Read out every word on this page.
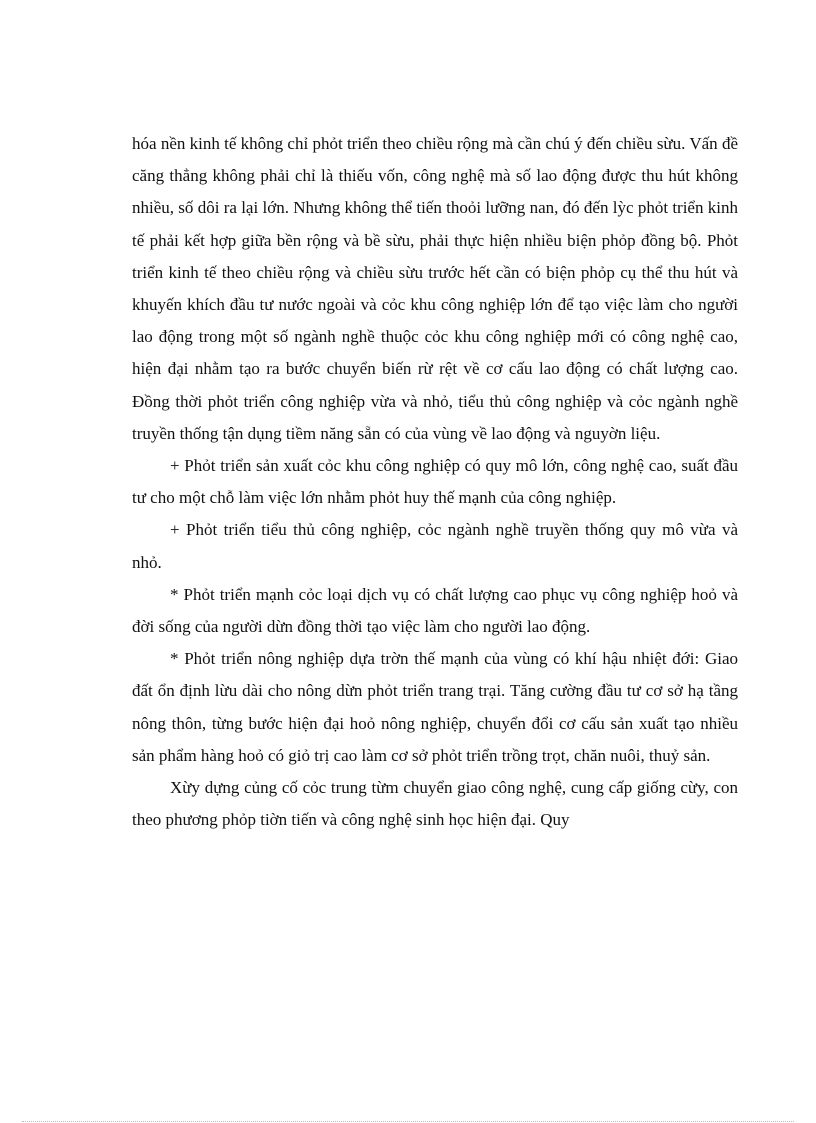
hóa nền kinh tế không chỉ phỏt triển theo chiều rộng mà cần chú ý đến chiều sừu. Vấn đề căng thẳng không phải chỉ là thiếu vốn, công nghệ mà số lao động được thu hút không nhiều, số dôi ra lại lớn. Nhưng không thể tiến thoỏi lưỡng nan, đó đến lỳc phỏt triển kinh tế phải kết hợp giữa bền rộng và bề sừu, phải thực hiện nhiều biện phỏp đồng bộ. Phỏt triển kinh tế theo chiều rộng và chiều sừu trước hết cần có biện phỏp cụ thể thu hút và khuyến khích đầu tư nước ngoài và cỏc khu công nghiệp lớn để tạo việc làm cho người lao động trong một số ngành nghề thuộc cỏc khu công nghiệp mới có công nghệ cao, hiện đại nhằm tạo ra bước chuyển biến rừ rệt về cơ cấu lao động có chất lượng cao. Đồng thời phỏt triển công nghiệp vừa và nhỏ, tiểu thủ công nghiệp và cỏc ngành nghề truyền thống tận dụng tiềm năng sẵn có của vùng về lao động và nguyờn liệu.

+ Phỏt triển sản xuất cỏc khu công nghiệp có quy mô lớn, công nghệ cao, suất đầu tư cho một chỗ làm việc lớn nhằm phỏt huy thế mạnh của công nghiệp.

+ Phỏt triển tiểu thủ công nghiệp, cỏc ngành nghề truyền thống quy mô vừa và nhỏ.

* Phỏt triển mạnh cỏc loại dịch vụ có chất lượng cao phục vụ công nghiệp hoỏ và đời sống của người dừn đồng thời tạo việc làm cho người lao động.

* Phỏt triển nông nghiệp dựa trờn thế mạnh của vùng có khí hậu nhiệt đới: Giao đất ổn định lừu dài cho nông dừn phỏt triển trang trại. Tăng cường đầu tư cơ sở hạ tầng nông thôn, từng bước hiện đại hoỏ nông nghiệp, chuyển đổi cơ cấu sản xuất tạo nhiều sản phẩm hàng hoỏ có giỏ trị cao làm cơ sở phỏt triển trồng trọt, chăn nuôi, thuỷ sản.

Xừy dựng củng cố cỏc trung từm chuyển giao công nghệ, cung cấp giống cừy, con theo phương phỏp tiờn tiến và công nghệ sinh học hiện đại. Quy
